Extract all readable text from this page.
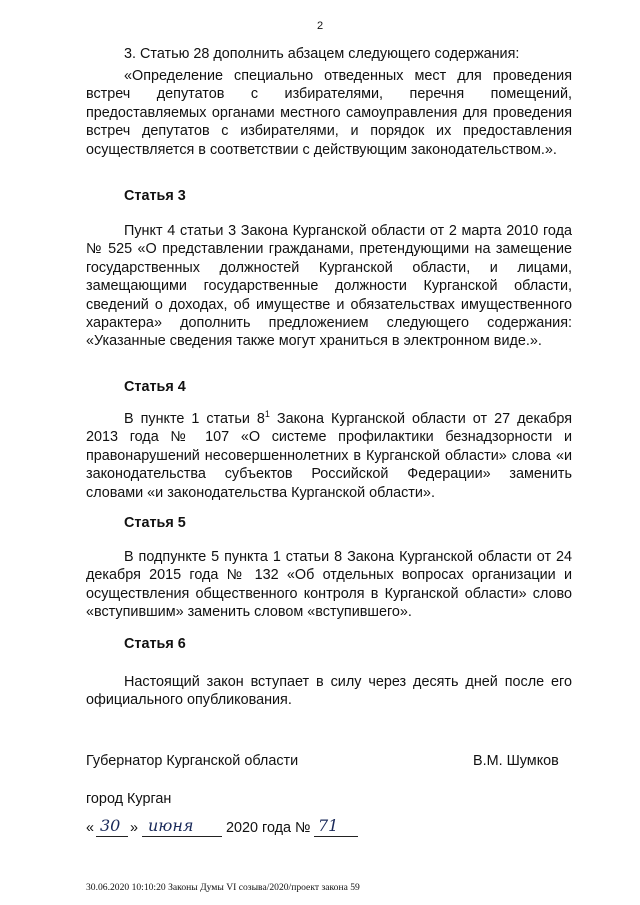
2
3. Статью 28 дополнить абзацем следующего содержания:
«Определение специально отведенных мест для проведения встреч депутатов с избирателями, перечня помещений, предоставляемых органами местного самоуправления для проведения встреч депутатов с избирателями, и порядок их предоставления осуществляется в соответствии с действующим законодательством.».
Статья 3
Пункт 4 статьи 3 Закона Курганской области от 2 марта 2010 года № 525 «О представлении гражданами, претендующими на замещение государственных должностей Курганской области, и лицами, замещающими государственные должности Курганской области, сведений о доходах, об имуществе и обязательствах имущественного характера» дополнить предложением следующего содержания: «Указанные сведения также могут храниться в электронном виде.».
Статья 4
В пункте 1 статьи $8^1$ Закона Курганской области от 27 декабря 2013 года № 107 «О системе профилактики безнадзорности и правонарушений несовершеннолетних в Курганской области» слова «и законодательства субъектов Российской Федерации» заменить словами «и законодательства Курганской области».
Статья 5
В подпункте 5 пункта 1 статьи 8 Закона Курганской области от 24 декабря 2015 года № 132 «Об отдельных вопросах организации и осуществления общественного контроля в Курганской области» слово «вступившим» заменить словом «вступившего».
Статья 6
Настоящий закон вступает в силу через десять дней после его официального опубликования.
Губернатор Курганской области	В.М. Шумков
город Курган
« 30 » июня 2020 года № 71
30.06.2020 10:10:20 Законы Думы VI созыва/2020/проект закона 59
